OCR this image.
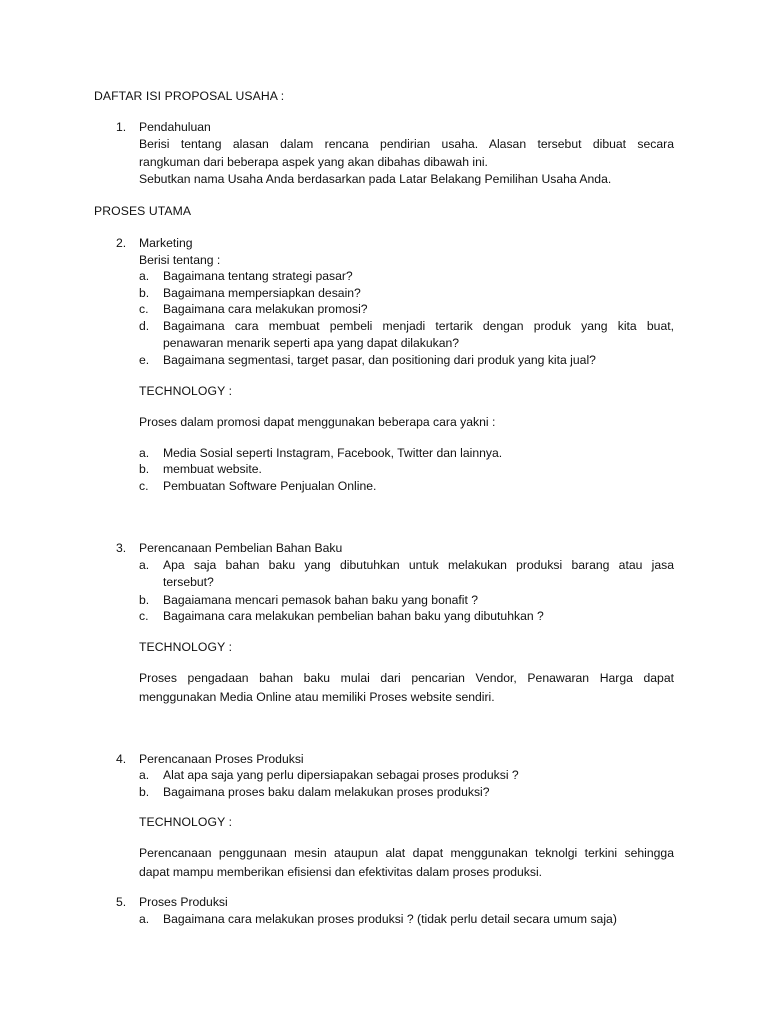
DAFTAR ISI PROPOSAL USAHA :
1. Pendahuluan
Berisi tentang alasan dalam rencana pendirian usaha. Alasan tersebut dibuat secara
rangkuman dari beberapa aspek yang akan dibahas dibawah ini.
Sebutkan nama Usaha Anda berdasarkan pada Latar Belakang Pemilihan Usaha Anda.
PROSES UTAMA
2. Marketing
Berisi tentang :
a. Bagaimana tentang strategi pasar?
b. Bagaimana mempersiapkan desain?
c. Bagaimana cara melakukan promosi?
d. Bagaimana cara membuat pembeli menjadi tertarik dengan produk yang kita buat,
penawaran menarik seperti apa yang dapat dilakukan?
e. Bagaimana segmentasi, target pasar, dan positioning dari produk yang kita jual?
TECHNOLOGY :
Proses dalam promosi dapat menggunakan beberapa cara yakni :
a. Media Sosial seperti Instagram, Facebook, Twitter dan lainnya.
b. membuat website.
c. Pembuatan Software Penjualan Online.
3. Perencanaan Pembelian Bahan Baku
a. Apa saja bahan baku yang dibutuhkan untuk melakukan produksi barang atau jasa
tersebut?
b. Bagaiamana mencari pemasok bahan baku yang bonafit ?
c. Bagaimana cara melakukan pembelian bahan baku yang dibutuhkan ?
TECHNOLOGY :
Proses pengadaan bahan baku mulai dari pencarian Vendor, Penawaran Harga dapat
menggunakan Media Online atau memiliki Proses website sendiri.
4. Perencanaan Proses Produksi
a. Alat apa saja yang perlu dipersiapakan sebagai proses produksi ?
b. Bagaimana proses baku dalam melakukan proses produksi?
TECHNOLOGY :
Perencanaan penggunaan mesin ataupun alat dapat menggunakan teknolgi terkini sehingga
dapat mampu memberikan efisiensi dan efektivitas dalam proses produksi.
5. Proses Produksi
a. Bagaimana cara melakukan proses produksi ? (tidak perlu detail secara umum saja)
